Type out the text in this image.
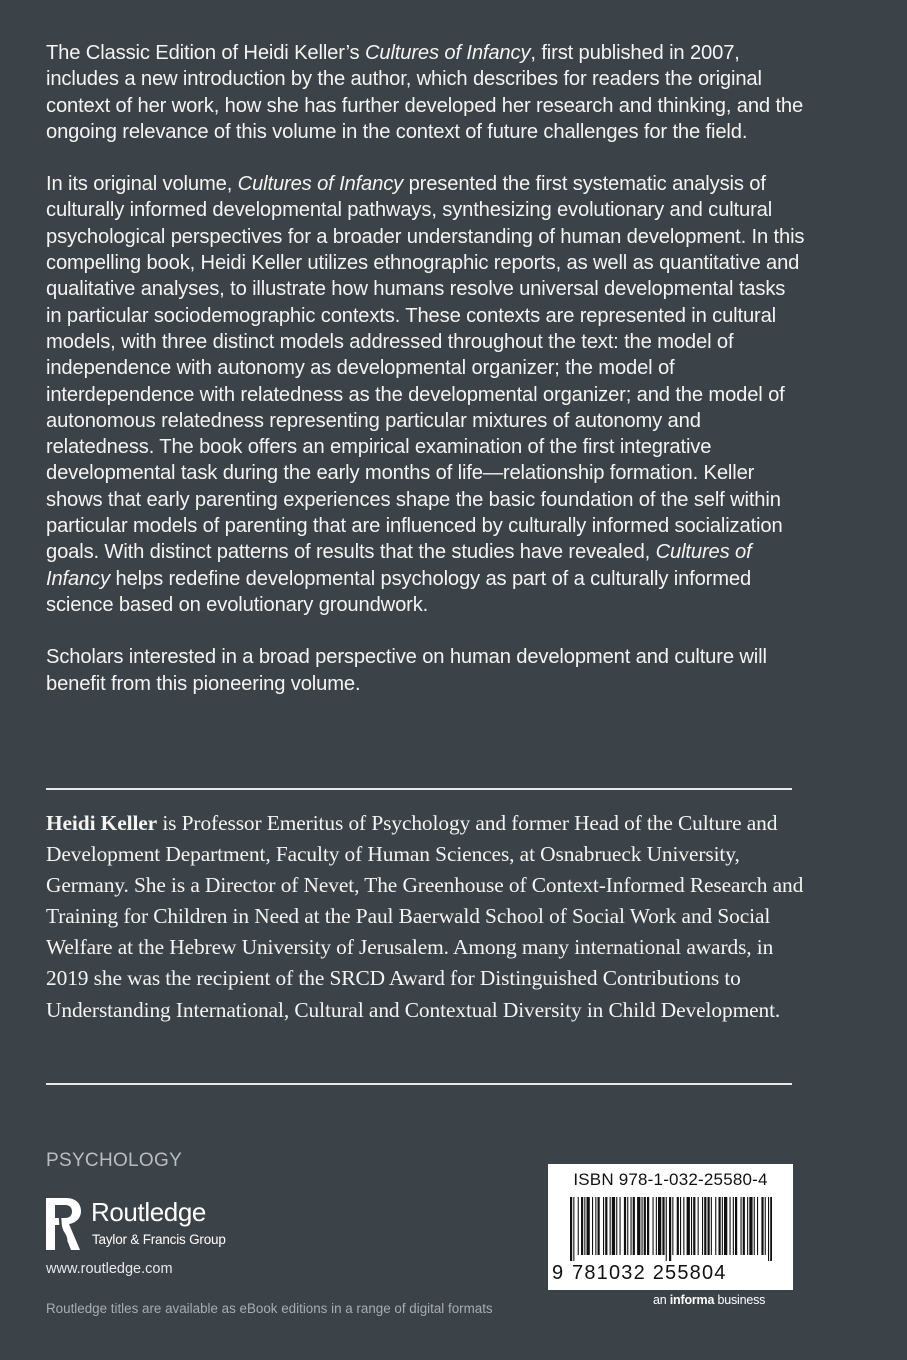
The Classic Edition of Heidi Keller’s Cultures of Infancy, first published in 2007, includes a new introduction by the author, which describes for readers the original context of her work, how she has further developed her research and thinking, and the ongoing relevance of this volume in the context of future challenges for the field.

In its original volume, Cultures of Infancy presented the first systematic analysis of culturally informed developmental pathways, synthesizing evolutionary and cultural psychological perspectives for a broader understanding of human development. In this compelling book, Heidi Keller utilizes ethnographic reports, as well as quantitative and qualitative analyses, to illustrate how humans resolve universal developmental tasks in particular sociodemographic contexts. These contexts are represented in cultural models, with three distinct models addressed throughout the text: the model of independence with autonomy as developmental organizer; the model of interdependence with relatedness as the developmental organizer; and the model of autonomous relatedness representing particular mixtures of autonomy and relatedness. The book offers an empirical examination of the first integrative developmental task during the early months of life—relationship formation. Keller shows that early parenting experiences shape the basic foundation of the self within particular models of parenting that are influenced by culturally informed socialization goals. With distinct patterns of results that the studies have revealed, Cultures of Infancy helps redefine developmental psychology as part of a culturally informed science based on evolutionary groundwork.

Scholars interested in a broad perspective on human development and culture will benefit from this pioneering volume.

Heidi Keller is Professor Emeritus of Psychology and former Head of the Culture and Development Department, Faculty of Human Sciences, at Osnabrueck University, Germany. She is a Director of Nevet, The Greenhouse of Context-Informed Research and Training for Children in Need at the Paul Baerwald School of Social Work and Social Welfare at the Hebrew University of Jerusalem. Among many international awards, in 2019 she was the recipient of the SRCD Award for Distinguished Contributions to Understanding International, Cultural and Contextual Diversity in Child Development.
PSYCHOLOGY
Routledge
Taylor & Francis Group
www.routledge.com
Routledge titles are available as eBook editions in a range of digital formats
ISBN 978-1-032-25580-4
9 781032 255804
an informa business
